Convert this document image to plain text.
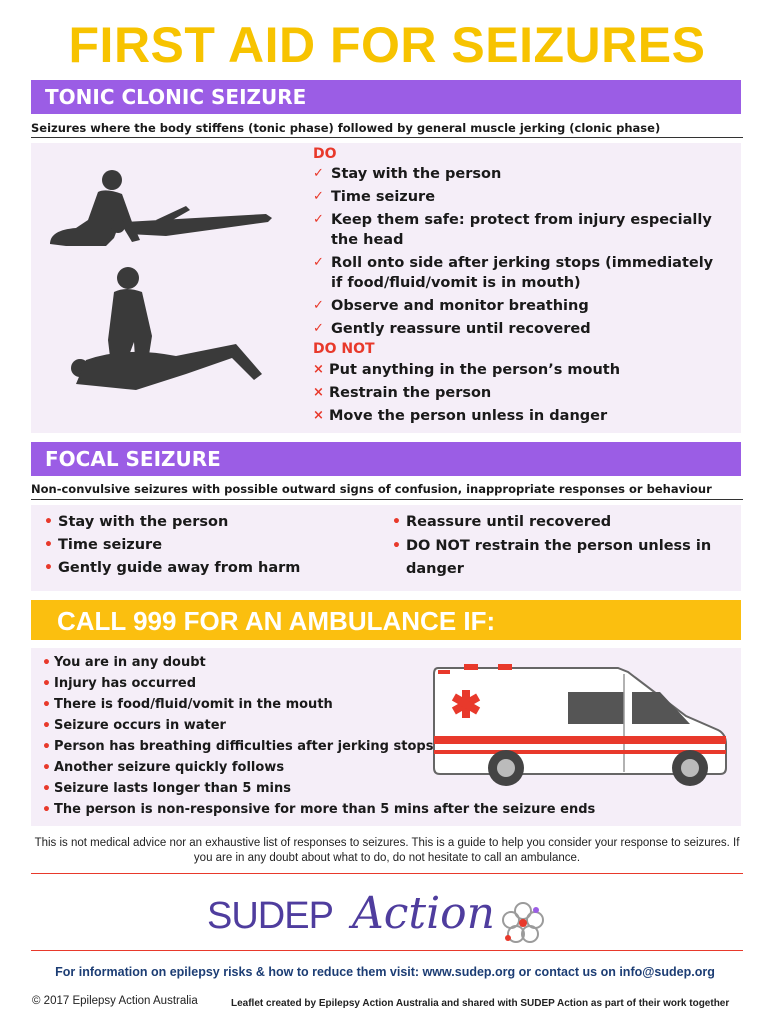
FIRST AID FOR SEIZURES
TONIC CLONIC SEIZURE
Seizures where the body stiffens (tonic phase) followed by general muscle jerking (clonic phase)
DO
✓ Stay with the person
✓ Time seizure
✓ Keep them safe: protect from injury especially the head
✓ Roll onto side after jerking stops (immediately if food/fluid/vomit is in mouth)
✓ Observe and monitor breathing
✓ Gently reassure until recovered
DO NOT
× Put anything in the person’s mouth
× Restrain the person
× Move the person unless in danger
FOCAL SEIZURE
Non-convulsive seizures with possible outward signs of confusion, inappropriate responses or behaviour
• Stay with the person
• Time seizure
• Gently guide away from harm
• Reassure until recovered
• DO NOT restrain the person unless in danger
CALL 999 FOR AN AMBULANCE IF:
• You are in any doubt
• Injury has occurred
• There is food/fluid/vomit in the mouth
• Seizure occurs in water
• Person has breathing difficulties after jerking stops
• Another seizure quickly follows
• Seizure lasts longer than 5 mins
• The person is non-responsive for more than 5 mins after the seizure ends
This is not medical advice nor an exhaustive list of responses to seizures. This is a guide to help you consider your response to seizures. If you are in any doubt about what to do, do not hesitate to call an ambulance.
SUDEP Action
For information on epilepsy risks & how to reduce them visit: www.sudep.org or contact us on info@sudep.org
© 2017 Epilepsy Action Australia	Leaflet created by Epilepsy Action Australia and shared with SUDEP Action as part of their work together
